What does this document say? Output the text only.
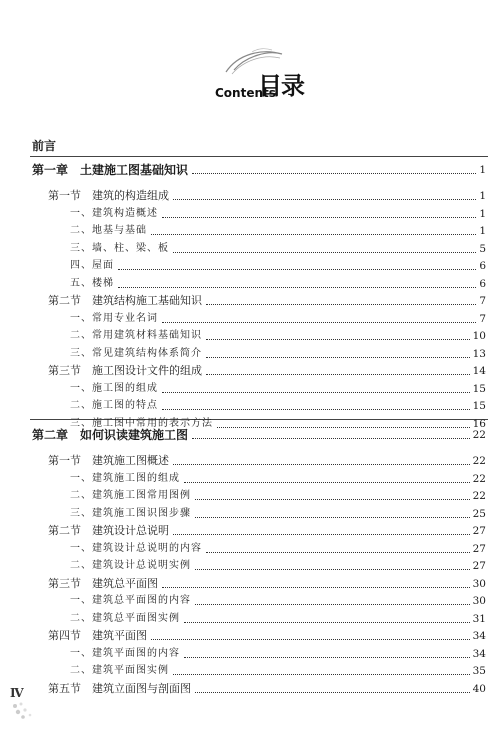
目录
Contents
前言
第一章　土建施工图基础知识	1
第一节　建筑的构造组成	1
一、建筑构造概述	1
二、地基与基础	1
三、墙、柱、梁、板	5
四、屋面	6
五、楼梯	6
第二节　建筑结构施工基础知识	7
一、常用专业名词	7
二、常用建筑材料基础知识	10
三、常见建筑结构体系简介	13
第三节　施工图设计文件的组成	14
一、施工图的组成	15
二、施工图的特点	15
三、施工图中常用的表示方法	16
第二章　如何识读建筑施工图	22
第一节　建筑施工图概述	22
一、建筑施工图的组成	22
二、建筑施工图常用图例	22
三、建筑施工图识图步骤	25
第二节　建筑设计总说明	27
一、建筑设计总说明的内容	27
二、建筑设计总说明实例	27
第三节　建筑总平面图	30
一、建筑总平面图的内容	30
二、建筑总平面图实例	31
第四节　建筑平面图	34
一、建筑平面图的内容	34
二、建筑平面图实例	35
第五节　建筑立面图与剖面图	40
Ⅳ
